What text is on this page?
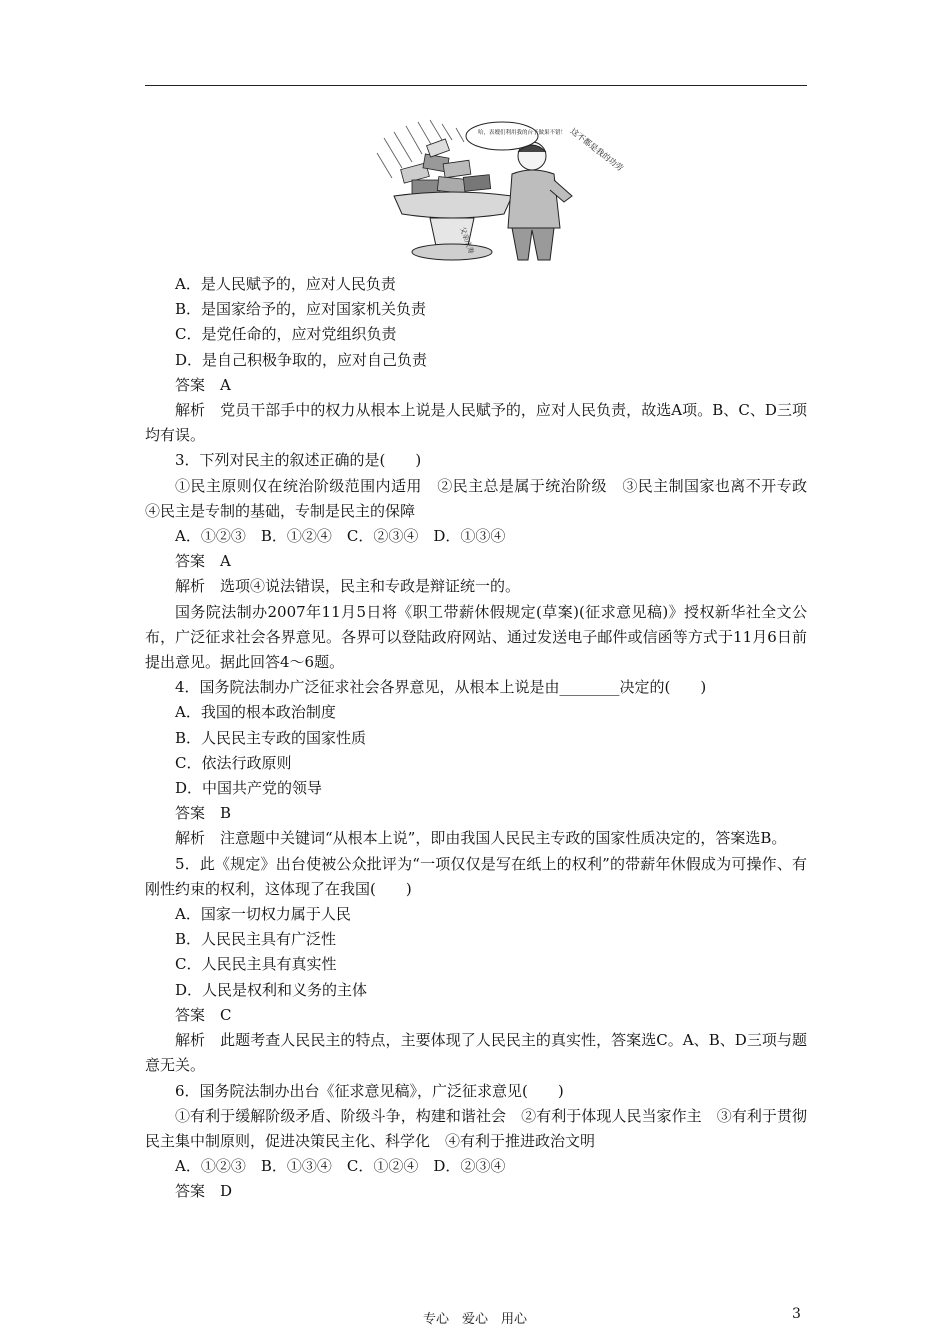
父亲庆寿
哈，表嫂们利用我的台子做果不错！ 这不都是我的功劳

A．是人民赋予的，应对人民负责

B．是国家给予的，应对国家机关负责

C．是党任命的，应对党组织负责

D．是自己积极争取的，应对自己负责

答案　A

解析　党员干部手中的权力从根本上说是人民赋予的，应对人民负责，故选A项。B、C、D三项均有误。

3．下列对民主的叙述正确的是(　　)

①民主原则仅在统治阶级范围内适用　②民主总是属于统治阶级　③民主制国家也离不开专政　④民主是专制的基础，专制是民主的保障

A．①②③　B．①②④　C．②③④　D．①③④

答案　A

解析　选项④说法错误，民主和专政是辩证统一的。

国务院法制办2007年11月5日将《职工带薪休假规定(草案)(征求意见稿)》授权新华社全文公布，广泛征求社会各界意见。各界可以登陆政府网站、通过发送电子邮件或信函等方式于11月6日前提出意见。据此回答4～6题。

4．国务院法制办广泛征求社会各界意见，从根本上说是由________决定的(　　)

A．我国的根本政治制度

B．人民民主专政的国家性质

C．依法行政原则

D．中国共产党的领导

答案　B

解析　注意题中关键词“从根本上说”，即由我国人民民主专政的国家性质决定的，答案选B。

5．此《规定》出台使被公众批评为“一项仅仅是写在纸上的权利”的带薪年休假成为可操作、有刚性约束的权利，这体现了在我国(　　)

A．国家一切权力属于人民

B．人民民主具有广泛性

C．人民民主具有真实性

D．人民是权利和义务的主体

答案　C

解析　此题考查人民民主的特点，主要体现了人民民主的真实性，答案选C。A、B、D三项与题意无关。

6．国务院法制办出台《征求意见稿》，广泛征求意见(　　)

①有利于缓解阶级矛盾、阶级斗争，构建和谐社会　②有利于体现人民当家作主　③有利于贯彻民主集中制原则，促进决策民主化、科学化　④有利于推进政治文明

A．①②③　B．①③④　C．①②④　D．②③④

答案　D

专心　爱心　用心	3
